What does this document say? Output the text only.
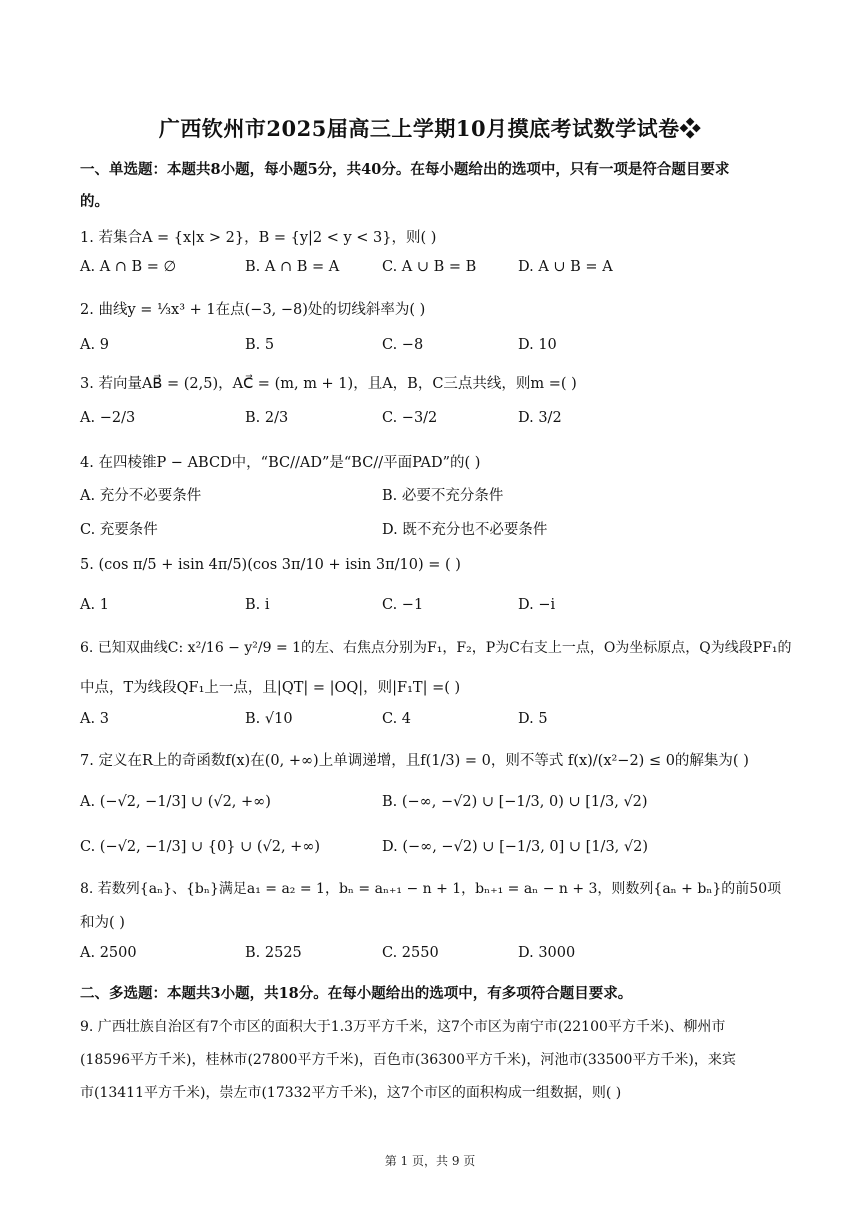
广西钦州市2025届高三上学期10月摸底考试数学试卷❖
一、单选题：本题共8小题，每小题5分，共40分。在每小题给出的选项中，只有一项是符合题目要求
的。
1. 若集合A = {x|x > 2}，B = {y|2 < y < 3}，则( )
A. A ∩ B = ∅	B. A ∩ B = A	C. A ∪ B = B	D. A ∪ B = A
2. 曲线y = ⅓x³ + 1在点(−3, −8)处的切线斜率为( )
A. 9	B. 5	C. −8	D. 10
3. 若向量AB⃗ = (2,5)，AC⃗ = (m, m + 1)，且A，B，C三点共线，则m =( )
A. −2/3	B. 2/3	C. −3/2	D. 3/2
4. 在四棱锥P − ABCD中，“BC//AD”是“BC//平面PAD”的( )
A. 充分不必要条件	B. 必要不充分条件
C. 充要条件	D. 既不充分也不必要条件
5. (cos π/5 + isin 4π/5)(cos 3π/10 + isin 3π/10) = ( )
A. 1	B. i	C. −1	D. −i
6. 已知双曲线C: x²/16 − y²/9 = 1的左、右焦点分别为F₁，F₂，P为C右支上一点，O为坐标原点，Q为线段PF₁的
中点，T为线段QF₁上一点，且|QT| = |OQ|，则|F₁T| =( )
A. 3	B. √10	C. 4	D. 5
7. 定义在R上的奇函数f(x)在(0, +∞)上单调递增，且f(1/3) = 0，则不等式 f(x)/(x²−2) ≤ 0的解集为( )
A. (−√2, −1/3] ∪ (√2, +∞)	B. (−∞, −√2) ∪ [−1/3, 0) ∪ [1/3, √2)
C. (−√2, −1/3] ∪ {0} ∪ (√2, +∞)	D. (−∞, −√2) ∪ [−1/3, 0] ∪ [1/3, √2)
8. 若数列{aₙ}、{bₙ}满足a₁ = a₂ = 1，bₙ = aₙ₊₁ − n + 1，bₙ₊₁ = aₙ − n + 3，则数列{aₙ + bₙ}的前50项
和为( )
A. 2500	B. 2525	C. 2550	D. 3000
二、多选题：本题共3小题，共18分。在每小题给出的选项中，有多项符合题目要求。
9. 广西壮族自治区有7个市区的面积大于1.3万平方千米，这7个市区为南宁市(22100平方千米)、柳州市
(18596平方千米)，桂林市(27800平方千米)，百色市(36300平方千米)，河池市(33500平方千米)，来宾
市(13411平方千米)，崇左市(17332平方千米)，这7个市区的面积构成一组数据，则( )
第 1 页，共 9 页
